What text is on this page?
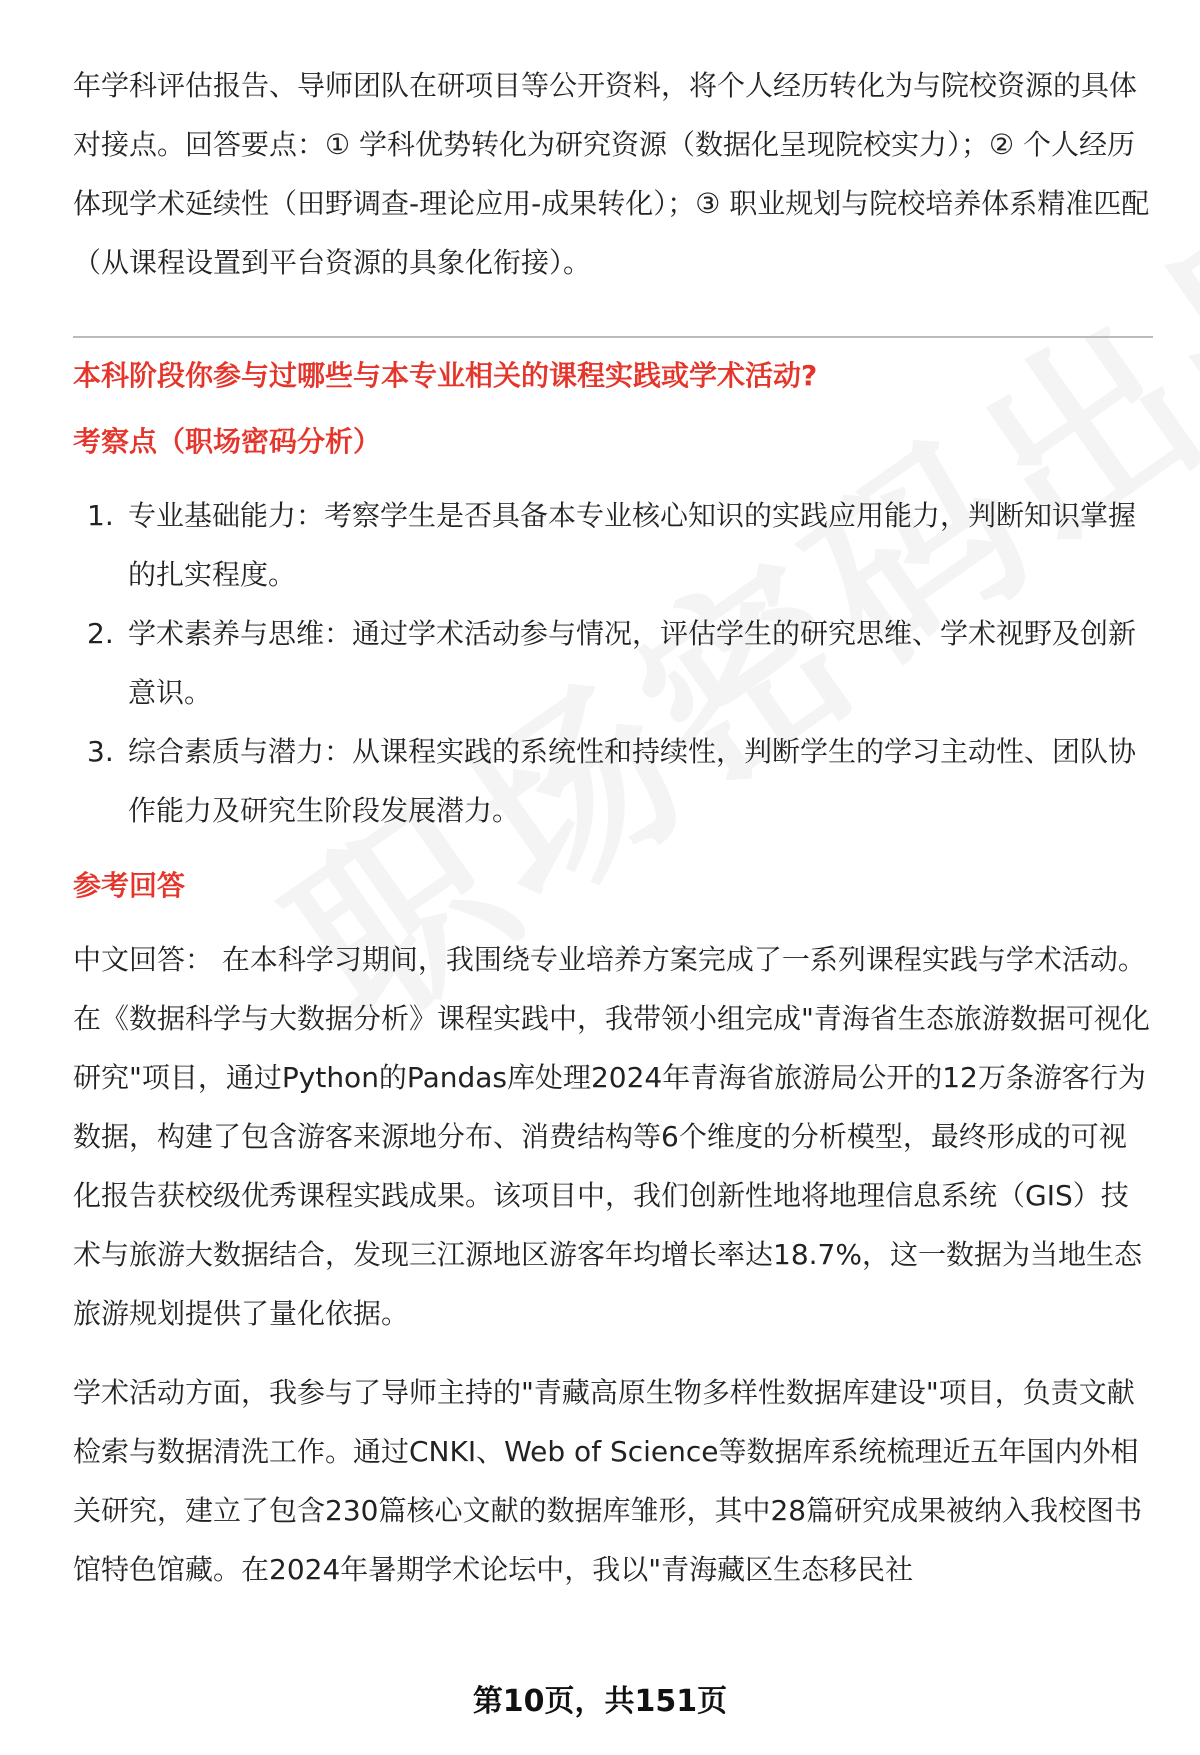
年学科评估报告、导师团队在研项目等公开资料，将个人经历转化为与院校资源的具体对接点。回答要点：① 学科优势转化为研究资源（数据化呈现院校实力）；② 个人经历体现学术延续性（田野调查-理论应用-成果转化）；③ 职业规划与院校培养体系精准匹配（从课程设置到平台资源的具象化衔接）。

本科阶段你参与过哪些与本专业相关的课程实践或学术活动?
考察点（职场密码分析）
1. 专业基础能力：考察学生是否具备本专业核心知识的实践应用能力，判断知识掌握的扎实程度。
2. 学术素养与思维：通过学术活动参与情况，评估学生的研究思维、学术视野及创新意识。
3. 综合素质与潜力：从课程实践的系统性和持续性，判断学生的学习主动性、团队协作能力及研究生阶段发展潜力。
参考回答

中文回答： 在本科学习期间，我围绕专业培养方案完成了一系列课程实践与学术活动。在《数据科学与大数据分析》课程实践中，我带领小组完成"青海省生态旅游数据可视化研究"项目，通过Python的Pandas库处理2024年青海省旅游局公开的12万条游客行为数据，构建了包含游客来源地分布、消费结构等6个维度的分析模型，最终形成的可视化报告获校级优秀课程实践成果。该项目中，我们创新性地将地理信息系统（GIS）技术与旅游大数据结合，发现三江源地区游客年均增长率达18.7%，这一数据为当地生态旅游规划提供了量化依据。

学术活动方面，我参与了导师主持的"青藏高原生物多样性数据库建设"项目，负责文献检索与数据清洗工作。通过CNKI、Web of Science等数据库系统梳理近五年国内外相关研究，建立了包含230篇核心文献的数据库雏形，其中28篇研究成果被纳入我校图书馆特色馆藏。在2024年暑期学术论坛中，我以"青海藏区生态移民社

第10页，共151页
